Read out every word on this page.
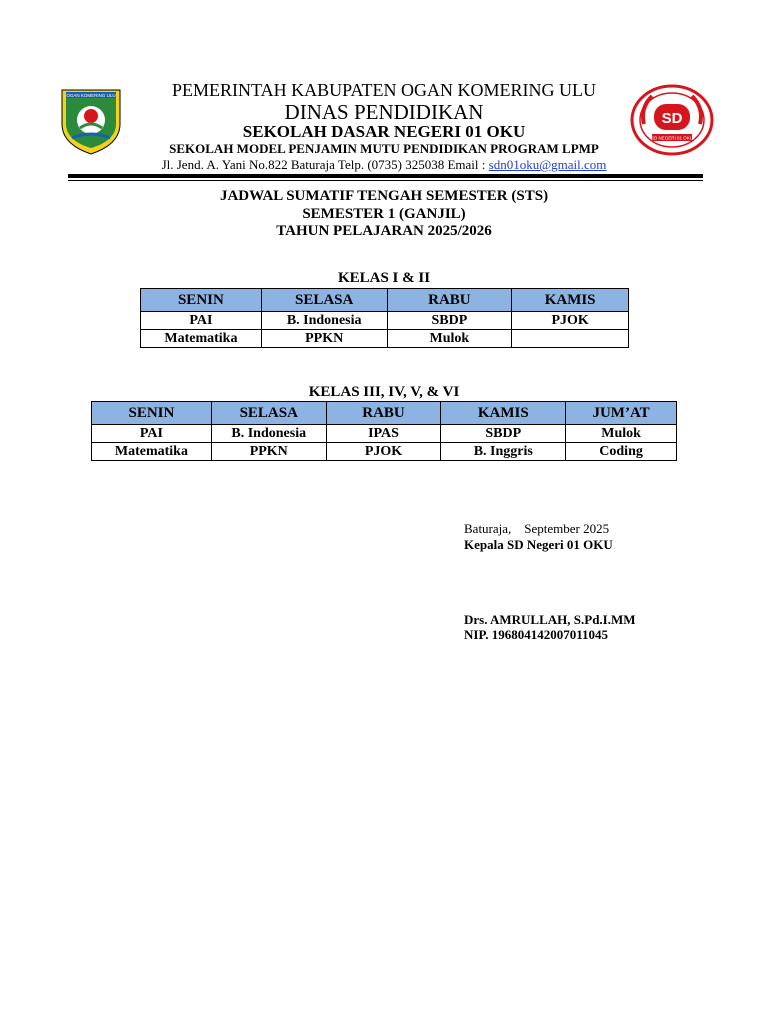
OGAN KOMERING ULU
SD
SD NEGERI 01 OKU
PEMERINTAH KABUPATEN OGAN KOMERING ULU
DINAS PENDIDIKAN
SEKOLAH DASAR NEGERI 01 OKU
SEKOLAH MODEL PENJAMIN MUTU PENDIDIKAN PROGRAM LPMP
Jl. Jend. A. Yani No.822 Baturaja Telp. (0735) 325038 Email : sdn01oku@gmail.com
JADWAL SUMATIF TENGAH SEMESTER (STS)
SEMESTER 1 (GANJIL)
TAHUN PELAJARAN 2025/2026
KELAS I & II
SENIN	SELASA	RABU	KAMIS
PAI	B. Indonesia	SBDP	PJOK
Matematika	PPKN	Mulok	
KELAS III, IV, V, & VI
SENIN	SELASA	RABU	KAMIS	JUM’AT
PAI	B. Indonesia	IPAS	SBDP	Mulok
Matematika	PPKN	PJOK	B. Inggris	Coding
Baturaja,    September 2025
Kepala SD Negeri 01 OKU
Drs. AMRULLAH, S.Pd.I.MM
NIP. 196804142007011045
